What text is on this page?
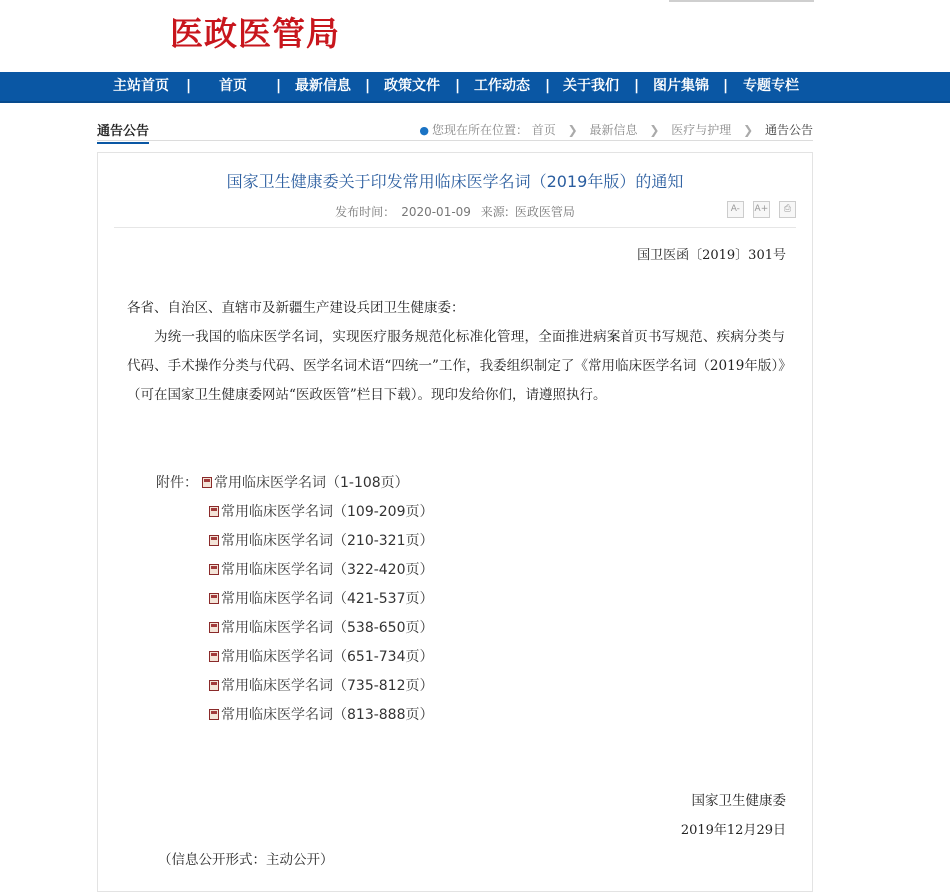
医政医管局
主站首页	|	首页	| 最新信息 | 政策文件 | 工作动态 | 关于我们 | 图片集锦 | 专题专栏
通告公告	● 您现在所在位置： 首页 ❯ 最新信息 ❯ 医疗与护理 ❯ 通告公告
国家卫生健康委关于印发常用临床医学名词（2019年版）的通知
发布时间： 2020-01-09 来源: 医政医管局	A- A+ ⎙
国卫医函〔2019〕301号
各省、自治区、直辖市及新疆生产建设兵团卫生健康委：
为统一我国的临床医学名词，实现医疗服务规范化标准化管理，全面推进病案首页书写规范、疾病分类与代码、手术操作分类与代码、医学名词术语“四统一”工作，我委组织制定了《常用临床医学名词（2019年版）》（可在国家卫生健康委网站“医政医管”栏目下载）。现印发给你们，请遵照执行。
附件： 常用临床医学名词（1-108页）
常用临床医学名词（109-209页）
常用临床医学名词（210-321页）
常用临床医学名词（322-420页）
常用临床医学名词（421-537页）
常用临床医学名词（538-650页）
常用临床医学名词（651-734页）
常用临床医学名词（735-812页）
常用临床医学名词（813-888页）
国家卫生健康委
2019年12月29日
（信息公开形式：主动公开）
